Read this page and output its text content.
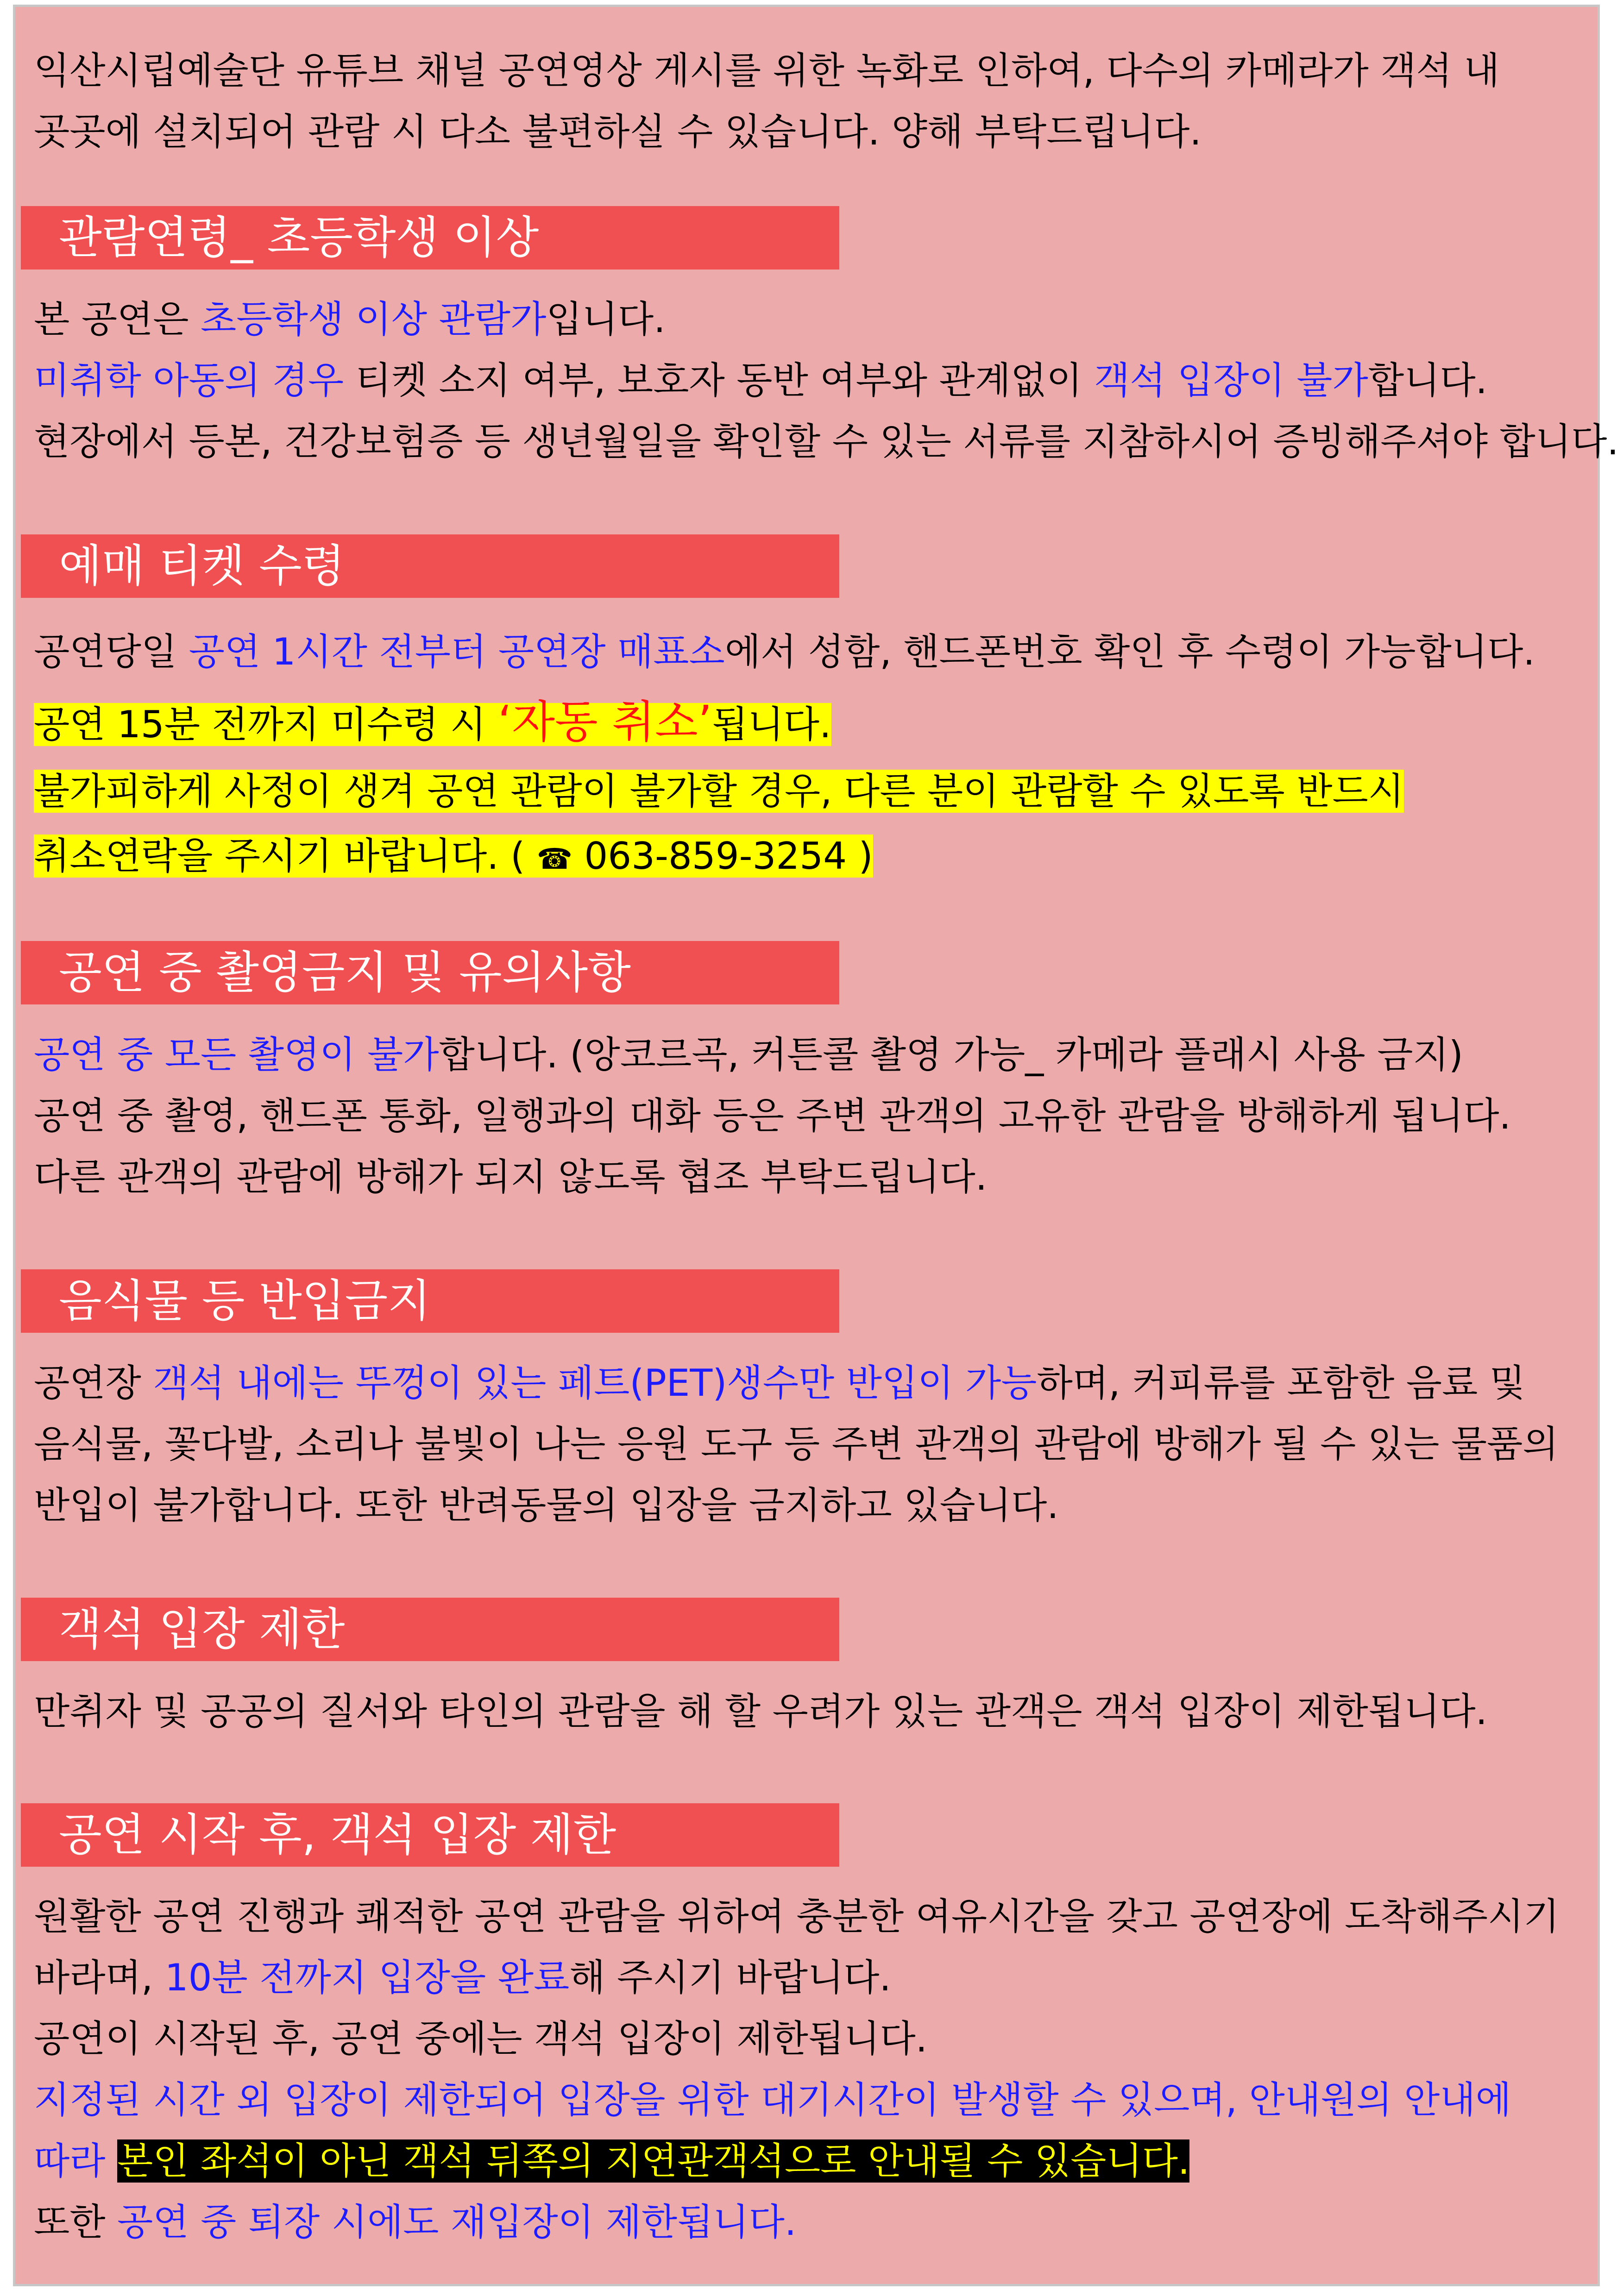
익산시립예술단 유튜브 채널 공연영상 게시를 위한 녹화로 인하여, 다수의 카메라가 객석 내
곳곳에 설치되어 관람 시 다소 불편하실 수 있습니다. 양해 부탁드립니다.
관람연령_ 초등학생 이상
본 공연은 초등학생 이상 관람가입니다.
미취학 아동의 경우 티켓 소지 여부, 보호자 동반 여부와 관계없이 객석 입장이 불가합니다.
현장에서 등본, 건강보험증 등 생년월일을 확인할 수 있는 서류를 지참하시어 증빙해주셔야 합니다.
예매 티켓 수령
공연당일 공연 1시간 전부터 공연장 매표소에서 성함, 핸드폰번호 확인 후 수령이 가능합니다.
공연 15분 전까지 미수령 시 ‘자동 취소’됩니다.
불가피하게 사정이 생겨 공연 관람이 불가할 경우, 다른 분이 관람할 수 있도록 반드시
취소연락을 주시기 바랍니다. ( ☎ 063-859-3254 )
공연 중 촬영금지 및 유의사항
공연 중 모든 촬영이 불가합니다. (앙코르곡, 커튼콜 촬영 가능_ 카메라 플래시 사용 금지)
공연 중 촬영, 핸드폰 통화, 일행과의 대화 등은 주변 관객의 고유한 관람을 방해하게 됩니다.
다른 관객의 관람에 방해가 되지 않도록 협조 부탁드립니다.
음식물 등 반입금지
공연장 객석 내에는 뚜껑이 있는 페트(PET)생수만 반입이 가능하며, 커피류를 포함한 음료 및
음식물, 꽃다발, 소리나 불빛이 나는 응원 도구 등 주변 관객의 관람에 방해가 될 수 있는 물품의
반입이 불가합니다. 또한 반려동물의 입장을 금지하고 있습니다.
객석 입장 제한
만취자 및 공공의 질서와 타인의 관람을 해 할 우려가 있는 관객은 객석 입장이 제한됩니다.
공연 시작 후, 객석 입장 제한
원활한 공연 진행과 쾌적한 공연 관람을 위하여 충분한 여유시간을 갖고 공연장에 도착해주시기
바라며, 10분 전까지 입장을 완료해 주시기 바랍니다.
공연이 시작된 후, 공연 중에는 객석 입장이 제한됩니다.
지정된 시간 외 입장이 제한되어 입장을 위한 대기시간이 발생할 수 있으며, 안내원의 안내에
따라 본인 좌석이 아닌 객석 뒤쪽의 지연관객석으로 안내될 수 있습니다.
또한 공연 중 퇴장 시에도 재입장이 제한됩니다.
